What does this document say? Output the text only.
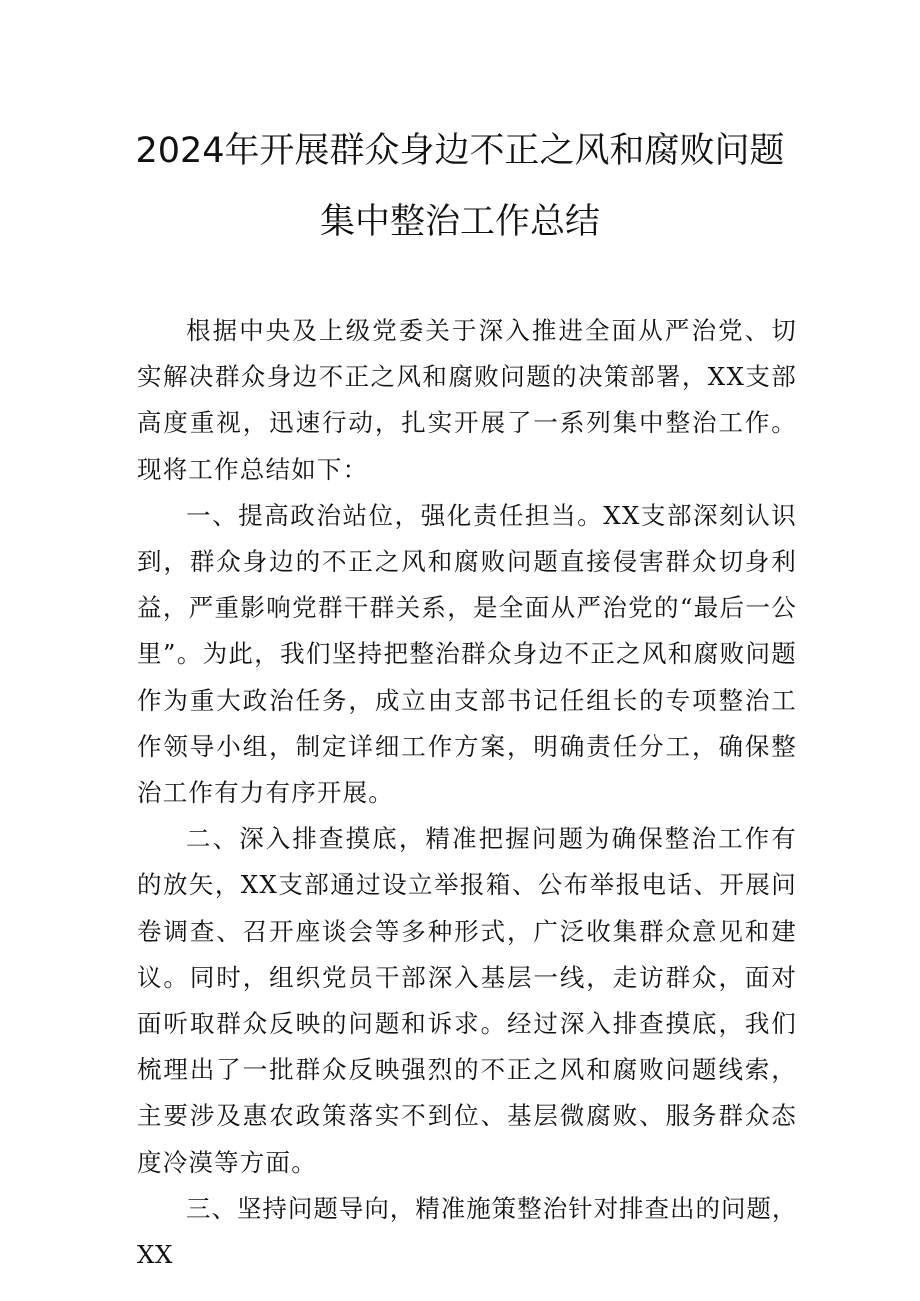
2024年开展群众身边不正之风和腐败问题
集中整治工作总结

根据中央及上级党委关于深入推进全面从严治党、切实解决群众身边不正之风和腐败问题的决策部署，XX支部高度重视，迅速行动，扎实开展了一系列集中整治工作。现将工作总结如下：

一、提高政治站位，强化责任担当。XX支部深刻认识到，群众身边的不正之风和腐败问题直接侵害群众切身利益，严重影响党群干群关系，是全面从严治党的“最后一公里”。为此，我们坚持把整治群众身边不正之风和腐败问题作为重大政治任务，成立由支部书记任组长的专项整治工作领导小组，制定详细工作方案，明确责任分工，确保整治工作有力有序开展。

二、深入排查摸底，精准把握问题为确保整治工作有的放矢，XX支部通过设立举报箱、公布举报电话、开展问卷调查、召开座谈会等多种形式，广泛收集群众意见和建议。同时，组织党员干部深入基层一线，走访群众，面对面听取群众反映的问题和诉求。经过深入排查摸底，我们梳理出了一批群众反映强烈的不正之风和腐败问题线索，主要涉及惠农政策落实不到位、基层微腐败、服务群众态度冷漠等方面。

三、坚持问题导向，精准施策整治针对排查出的问题，XX
